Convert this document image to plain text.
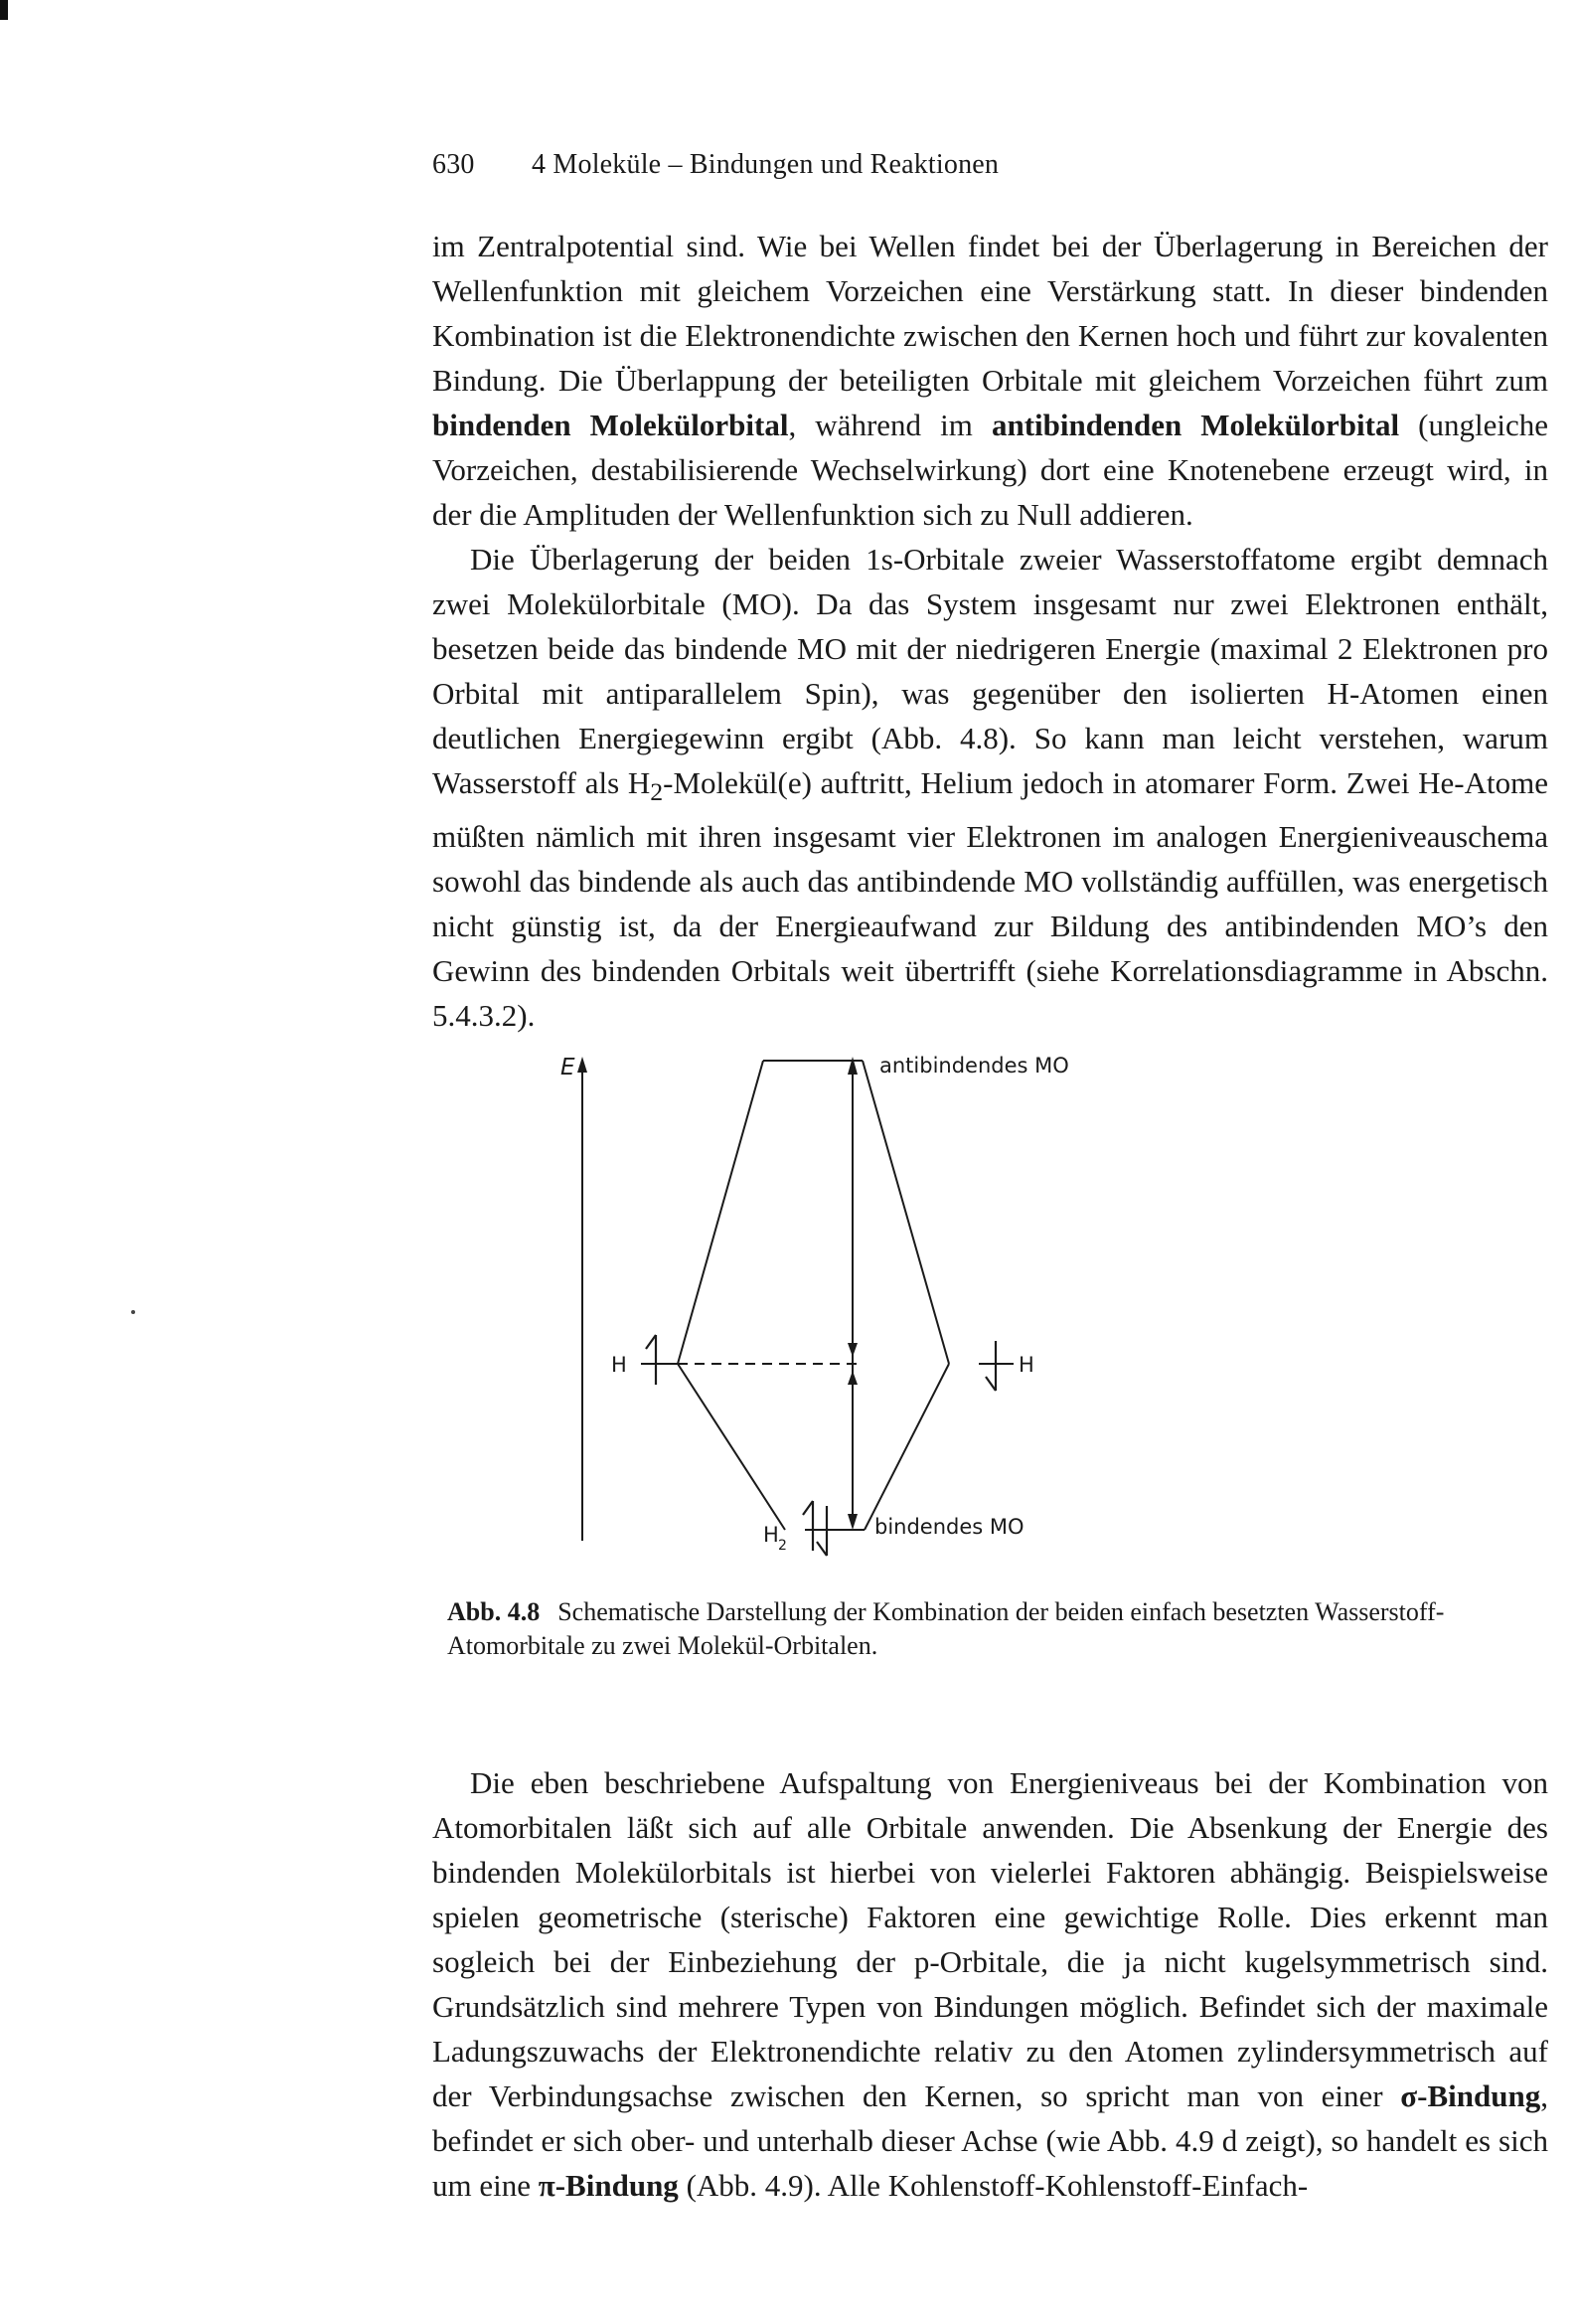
630 4 Moleküle – Bindungen und Reaktionen

im Zentralpotential sind. Wie bei Wellen findet bei der Überlagerung in Bereichen der Wellenfunktion mit gleichem Vorzeichen eine Verstärkung statt. In dieser bindenden Kombination ist die Elektronendichte zwischen den Kernen hoch und führt zur kovalenten Bindung. Die Überlappung der beteiligten Orbitale mit gleichem Vorzeichen führt zum bindenden Molekülorbital, während im antibindenden Molekülorbital (ungleiche Vorzeichen, destabilisierende Wechselwirkung) dort eine Knotenebene erzeugt wird, in der die Amplituden der Wellenfunktion sich zu Null addieren.

Die Überlagerung der beiden 1s-Orbitale zweier Wasserstoffatome ergibt demnach zwei Molekülorbitale (MO). Da das System insgesamt nur zwei Elektronen enthält, besetzen beide das bindende MO mit der niedrigeren Energie (maximal 2 Elektronen pro Orbital mit antiparallelem Spin), was gegenüber den isolierten H-Atomen einen deutlichen Energiegewinn ergibt (Abb. 4.8). So kann man leicht verstehen, warum Wasserstoff als $H_2-Molekül(e)$ auftritt, Helium jedoch in atomarer Form. Zwei He-Atome müßten nämlich mit ihren insgesamt vier Elektronen im analogen Energieniveauschema sowohl das bindende als auch das antibindende MO vollständig auffüllen, was energetisch nicht günstig ist, da der Energieaufwand zur Bildung des antibindenden MO’s den Gewinn des bindenden Orbitals weit übertrifft (siehe Korrelationsdiagramme in Abschn. 5.4.3.2).

E	antibindendes MO
bindendes MO
H	H
H 2
Abb. 4.8 Schematische Darstellung der Kombination der beiden einfach besetzten Wasserstoff-Atomorbitale zu zwei Molekül-Orbitalen.

Die eben beschriebene Aufspaltung von Energieniveaus bei der Kombination von Atomorbitalen läßt sich auf alle Orbitale anwenden. Die Absenkung der Energie des bindenden Molekülorbitals ist hierbei von vielerlei Faktoren abhängig. Beispielsweise spielen geometrische (sterische) Faktoren eine gewichtige Rolle. Dies erkennt man sogleich bei der Einbeziehung der p-Orbitale, die ja nicht kugelsymmetrisch sind. Grundsätzlich sind mehrere Typen von Bindungen möglich. Befindet sich der maximale Ladungszuwachs der Elektronendichte relativ zu den Atomen zylindersymmetrisch auf der Verbindungsachse zwischen den Kernen, so spricht man von einer σ-Bindung, befindet er sich ober- und unterhalb dieser Achse (wie Abb. 4.9 d zeigt), so handelt es sich um eine π-Bindung (Abb. 4.9). Alle Kohlenstoff-Kohlenstoff-Einfach-
